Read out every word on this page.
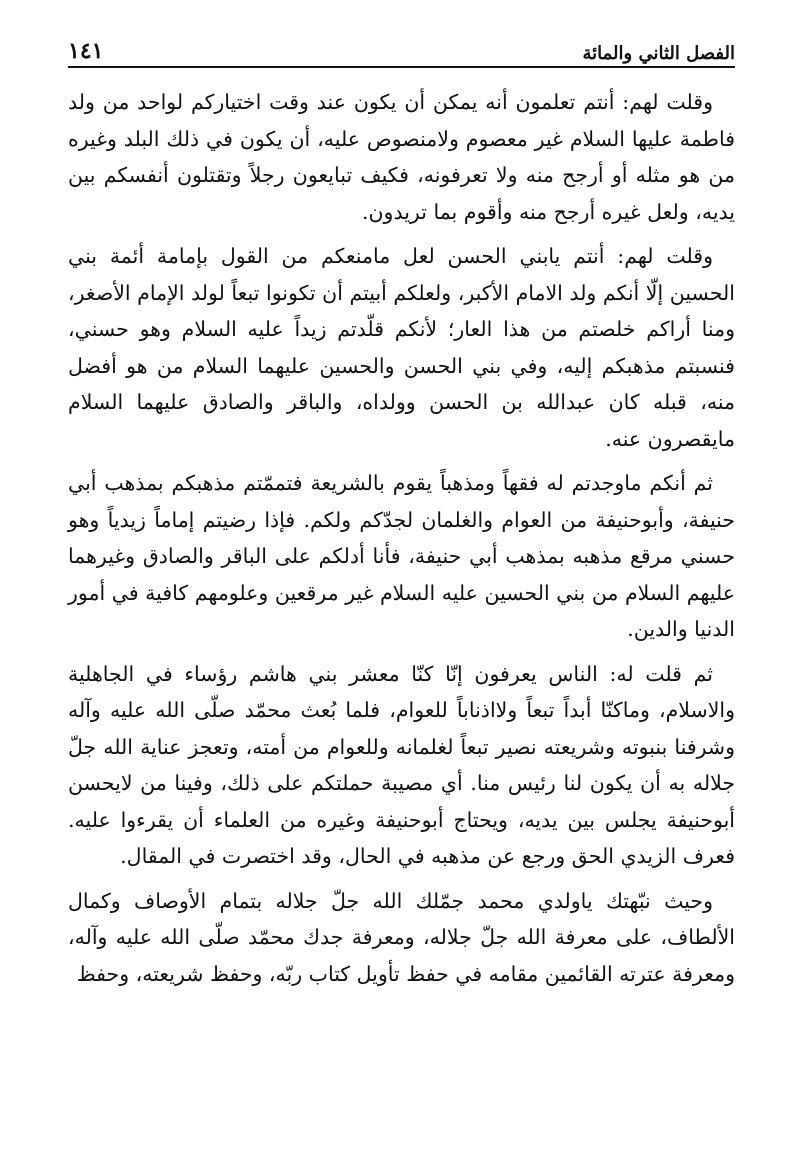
الفصل الثاني والمائة
١٤١

وقلت لهم: أنتم تعلمون أنه يمكن أن يكون عند وقت اختياركم لواحد من ولد فاطمة عليها السلام غير معصوم ولامنصوص عليه، أن يكون في ذلك البلد وغيره من هو مثله أو أرجح منه ولا تعرفونه، فكيف تبايعون رجلاً وتقتلون أنفسكم بين يديه، ولعل غيره أرجح منه وأقوم بما تريدون.

وقلت لهم: أنتم يابني الحسن لعل مامنعكم من القول بإمامة أئمة بني الحسين إلّا أنكم ولد الامام الأكبر، ولعلكم أبيتم أن تكونوا تبعاً لولد الإمام الأصغر، ومنا أراكم خلصتم من هذا العار؛ لأنكم قلّدتم زيداً عليه السلام وهو حسني، فنسبتم مذهبكم إليه، وفي بني الحسن والحسين عليهما السلام من هو أفضل منه، قبله كان عبدالله بن الحسن وولداه، والباقر والصادق عليهما السلام مايقصرون عنه.

ثم أنكم ماوجدتم له فقهاً ومذهباً يقوم بالشريعة فتممّتم مذهبكم بمذهب أبي حنيفة، وأبوحنيفة من العوام والغلمان لجدّكم ولكم. فإذا رضيتم إماماً زيدياً وهو حسني مرقع مذهبه بمذهب أبي حنيفة، فأنا أدلكم على الباقر والصادق وغيرهما عليهم السلام من بني الحسين عليه السلام غير مرقعين وعلومهم كافية في أمور الدنيا والدين.

ثم قلت له: الناس يعرفون إنّا كنّا معشر بني هاشم رؤساء في الجاهلية والاسلام، وماكنّا أبداً تبعاً ولااذناباً للعوام، فلما بُعث محمّد صلّى الله عليه وآله وشرفنا بنبوته وشريعته نصير تبعاً لغلمانه وللعوام من أمته، وتعجز عناية الله جلّ جلاله به أن يكون لنا رئيس منا. أي مصيبة حملتكم على ذلك، وفينا من لايحسن أبوحنيفة يجلس بين يديه، ويحتاج أبوحنيفة وغيره من العلماء أن يقرءوا عليه. فعرف الزيدي الحق ورجع عن مذهبه في الحال، وقد اختصرت في المقال.

وحيث نبّهتك ياولدي محمد جمّلك الله جلّ جلاله بتمام الأوصاف وكمال الألطاف، على معرفة الله جلّ جلاله، ومعرفة جدك محمّد صلّى الله عليه وآله، ومعرفة عترته القائمين مقامه في حفظ تأويل كتاب ربّه، وحفظ شريعته، وحفظ
